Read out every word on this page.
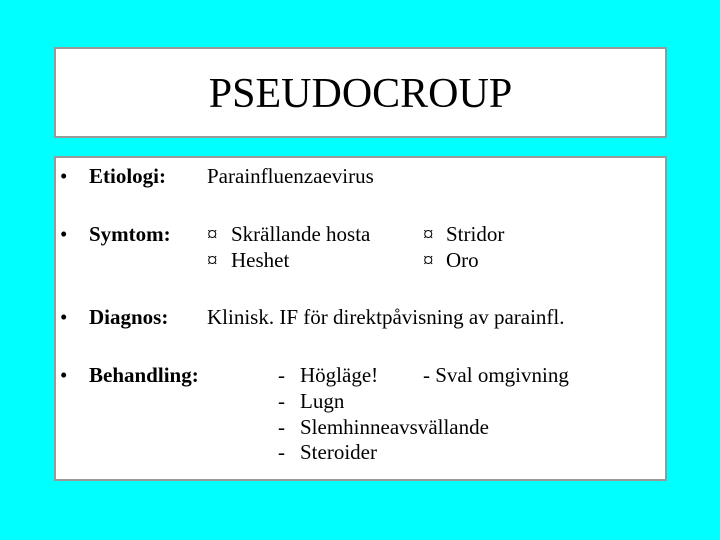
PSEUDOCROUP
• Etiologi: Parainfluenzaevirus
• Symtom: ¤ Skrällande hosta
¤ Heshet
¤ Stridor
¤ Oro
• Diagnos: Klinisk. IF för direktpåvisning av parainfl.
• Behandling:	- Högläge! - Sval omgivning
- Lugn
- Slemhinneavsvällande
- Steroider
